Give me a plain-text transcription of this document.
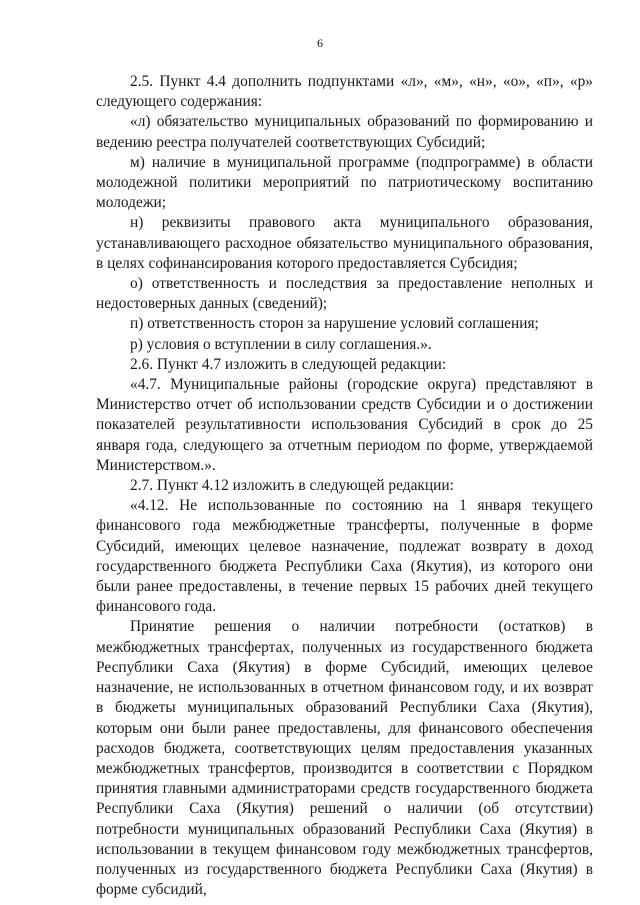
6

2.5. Пункт 4.4 дополнить подпунктами «л», «м», «н», «о», «п», «р» следующего содержания:

«л) обязательство муниципальных образований по формированию и ведению реестра получателей соответствующих Субсидий;

м) наличие в муниципальной программе (подпрограмме) в области молодежной политики мероприятий по патриотическому воспитанию молодежи;

н) реквизиты правового акта муниципального образования, устанавливающего расходное обязательство муниципального образования, в целях софинансирования которого предоставляется Субсидия;

о) ответственность и последствия за предоставление неполных и недостоверных данных (сведений);

п) ответственность сторон за нарушение условий соглашения;

р) условия о вступлении в силу соглашения.».

2.6. Пункт 4.7 изложить в следующей редакции:

«4.7. Муниципальные районы (городские округа) представляют в Министерство отчет об использовании средств Субсидии и о достижении показателей результативности использования Субсидий в срок до 25 января года, следующего за отчетным периодом по форме, утверждаемой Министерством.».

2.7. Пункт 4.12 изложить в следующей редакции:

«4.12. Не использованные по состоянию на 1 января текущего финансового года межбюджетные трансферты, полученные в форме Субсидий, имеющих целевое назначение, подлежат возврату в доход государственного бюджета Республики Саха (Якутия), из которого они были ранее предоставлены, в течение первых 15 рабочих дней текущего финансового года.

Принятие решения о наличии потребности (остатков) в межбюджетных трансфертах, полученных из государственного бюджета Республики Саха (Якутия) в форме Субсидий, имеющих целевое назначение, не использованных в отчетном финансовом году, и их возврат в бюджеты муниципальных образований Республики Саха (Якутия), которым они были ранее предоставлены, для финансового обеспечения расходов бюджета, соответствующих целям предоставления указанных межбюджетных трансфертов, производится в соответствии с Порядком принятия главными администраторами средств государственного бюджета Республики Саха (Якутия) решений о наличии (об отсутствии) потребности муниципальных образований Республики Саха (Якутия) в использовании в текущем финансовом году межбюджетных трансфертов, полученных из государственного бюджета Республики Саха (Якутия) в форме субсидий,
